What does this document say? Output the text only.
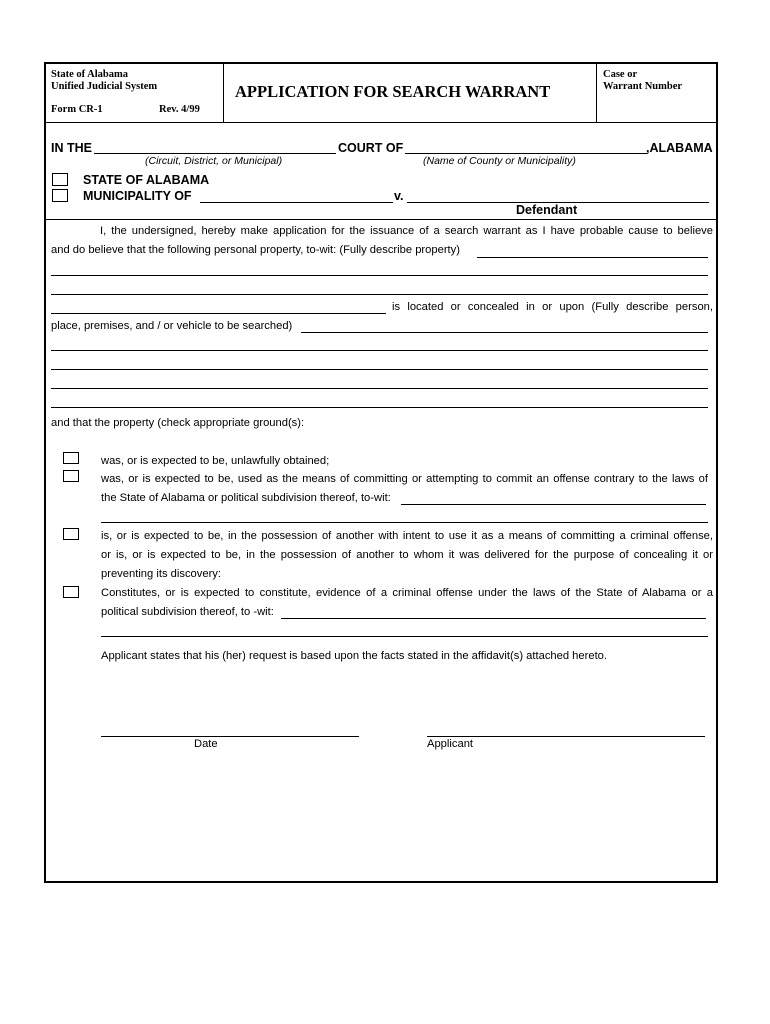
State of Alabama
Unified Judicial System
Form CR-1	Rev. 4/99
APPLICATION FOR SEARCH WARRANT
Case or
Warrant Number
IN THE	COURT OF	,ALABAMA
(Circuit, District, or Municipal)	(Name of County or Municipality)
STATE OF ALABAMA
MUNICIPALITY OF	v.
Defendant
I, the undersigned, hereby make application for the issuance of a search warrant as I have probable cause to believe
and do believe that the following personal property, to-wit: (Fully describe property)
is located or concealed in or upon (Fully describe person,
place, premises, and / or vehicle to be searched)
and that the property (check appropriate ground(s):
was, or is expected to be, unlawfully obtained;
was, or is expected to be, used as the means of committing or attempting to commit an offense contrary to the laws of
the State of Alabama or political subdivision thereof, to-wit:
is, or is expected to be, in the possession of another with intent to use it as a means of committing a criminal offense,
or is, or is expected to be, in the possession of another to whom it was delivered for the purpose of concealing it or
preventing its discovery:
Constitutes, or is expected to constitute, evidence of a criminal offense under the laws of the State of Alabama or a
political subdivision thereof, to -wit:
Applicant states that his (her) request is based upon the facts stated in the affidavit(s) attached hereto.
Date	Applicant
